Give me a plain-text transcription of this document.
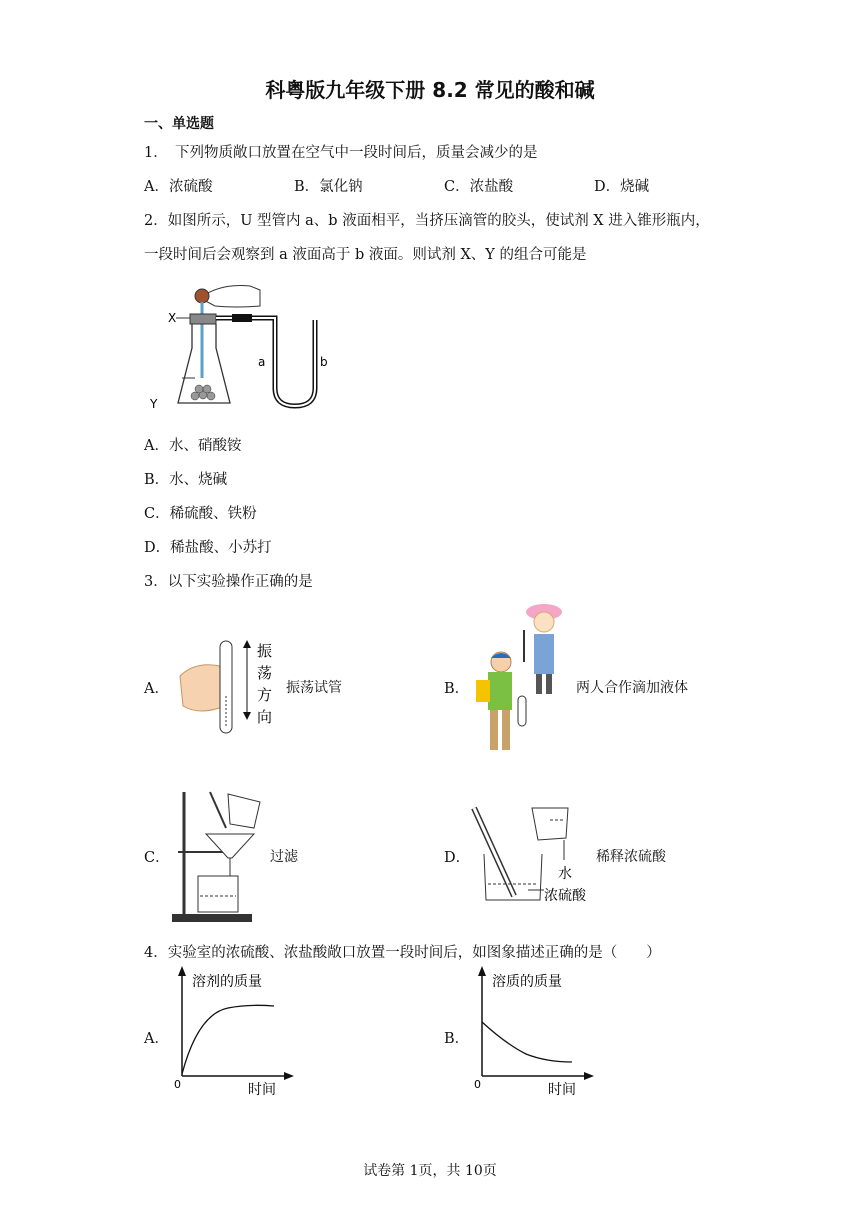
科粤版九年级下册 8.2 常见的酸和碱
一、单选题
1．　下列物质敞口放置在空气中一段时间后，质量会减少的是
A．浓硫酸	B．氯化钠	C．浓盐酸	D．烧碱
2．如图所示，U 型管内 a、b 液面相平，当挤压滴管的胶头，使试剂 X 进入锥形瓶内，
一段时间后会观察到 a 液面高于 b 液面。则试剂 X、Y 的组合可能是
X
Y
a	b
A．水、硝酸铵
B．水、烧碱
C．稀硫酸、铁粉
D．稀盐酸、小苏打
3．以下实验操作正确的是
A．
振
荡
方
向
振荡试管	B．	两人合作滴加液体
C．	过滤	D．
水
浓硫酸
稀释浓硫酸
4．实验室的浓硫酸、浓盐酸敞口放置一段时间后，如图象描述正确的是（　　）
A．
溶剂的质量
0	时间
B．
溶质的质量
0	时间
试卷第 1页，共 10页
